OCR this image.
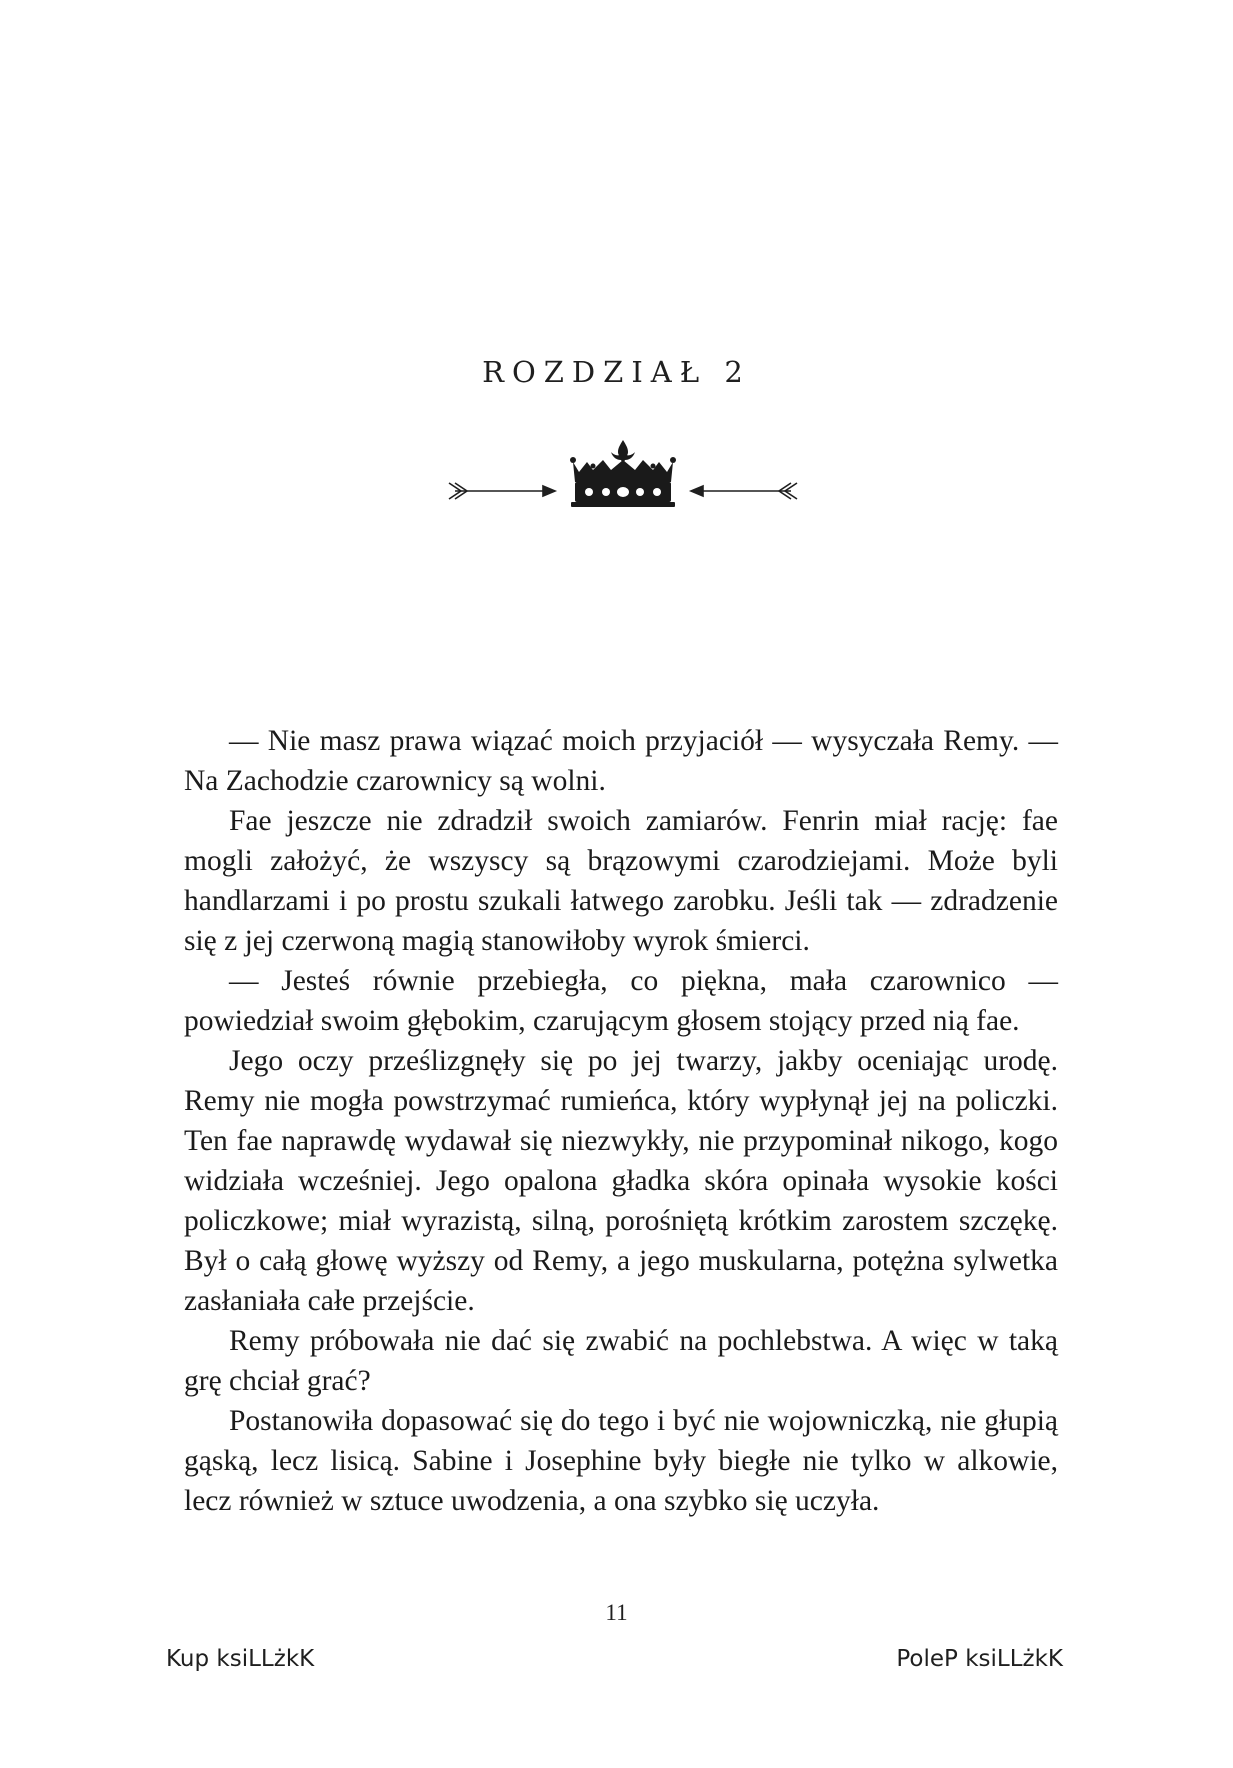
ROZDZIAŁ 2

— Nie masz prawa wiązać moich przyjaciół — wysyczała Remy. — Na Zachodzie czarownicy są wolni.

Fae jeszcze nie zdradził swoich zamiarów. Fenrin miał rację: fae mogli założyć, że wszyscy są brązowymi czarodziejami. Może byli handlarzami i po prostu szukali łatwego zarobku. Jeśli tak — zdradzenie się z jej czerwoną magią stanowiłoby wyrok śmierci.

— Jesteś równie przebiegła, co piękna, mała czarownico — powiedział swoim głębokim, czarującym głosem stojący przed nią fae.

Jego oczy prześlizgnęły się po jej twarzy, jakby oceniając urodę. Remy nie mogła powstrzymać rumieńca, który wypłynął jej na policzki. Ten fae naprawdę wydawał się niezwykły, nie przypominał nikogo, kogo widziała wcześniej. Jego opalona gładka skóra opinała wysokie kości policzkowe; miał wyrazistą, silną, porośniętą krótkim zarostem szczękę. Był o całą głowę wyższy od Remy, a jego muskularna, potężna sylwetka zasłaniała całe przejście.

Remy próbowała nie dać się zwabić na pochlebstwa. A więc w taką grę chciał grać?

Postanowiła dopasować się do tego i być nie wojowniczką, nie głupią gąską, lecz lisicą. Sabine i Josephine były biegłe nie tylko w alkowie, lecz również w sztuce uwodzenia, a ona szybko się uczyła.

11
Kup ksiLLżkK	PoleP ksiLLżkK
